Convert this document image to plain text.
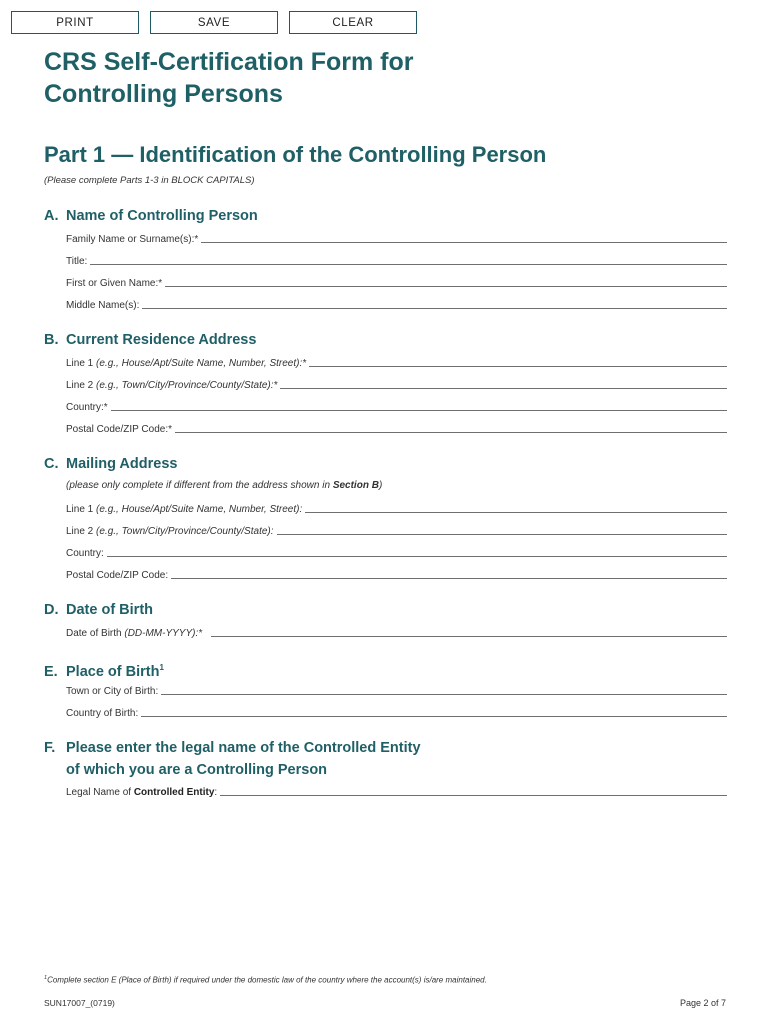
PRINT	SAVE	CLEAR
CRS Self-Certification Form for
Controlling Persons
Part 1 — Identification of the Controlling Person
(Please complete Parts 1-3 in BLOCK CAPITALS)
A. Name of Controlling Person
Family Name or Surname(s):*
Title:
First or Given Name:*
Middle Name(s):
B. Current Residence Address
Line 1 (e.g., House/Apt/Suite Name, Number, Street):*
Line 2 (e.g., Town/City/Province/County/State):*
Country:*
Postal Code/ZIP Code:*
C. Mailing Address
(please only complete if different from the address shown in Section B)
Line 1 (e.g., House/Apt/Suite Name, Number, Street):
Line 2 (e.g., Town/City/Province/County/State):
Country:
Postal Code/ZIP Code:
D. Date of Birth
Date of Birth (DD-MM-YYYY):*
E. Place of Birth$^1$
Town or City of Birth:
Country of Birth:
F. Please enter the legal name of the Controlled Entity
of which you are a Controlling Person
Legal Name of Controlled Entity:
$^1$Complete section E (Place of Birth) if required under the domestic law of the country where the account(s) is/are maintained.
SUN17007_(0719)	Page 2 of 7
